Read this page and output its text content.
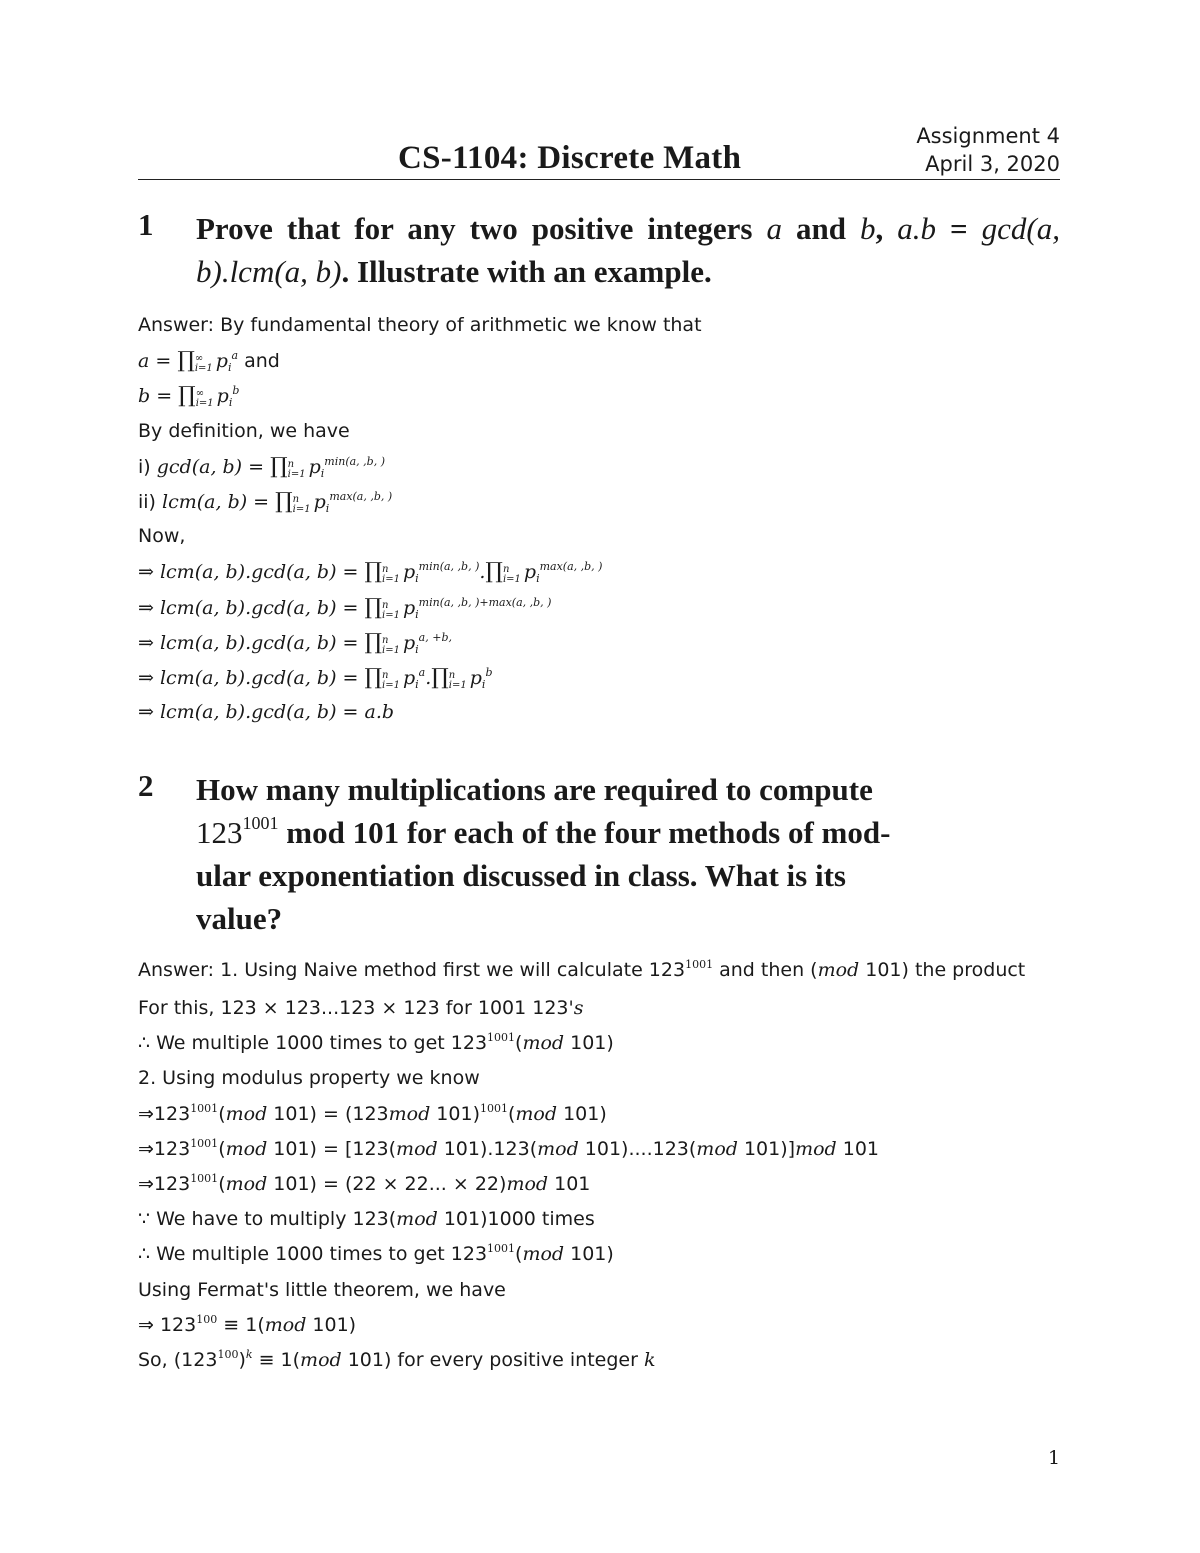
Assignment 4
April 3, 2020
CS-1104: Discrete Math
1 Prove that for any two positive integers a and b, a.b = gcd(a, b).lcm(a, b). Illustrate with an example.
Answer: By fundamental theory of arithmetic we know that
a = ∏ ∞
i=1 $p_i^a$ and
b = ∏ ∞
i=1 $p_i^b$
By definition, we have
i) gcd(a, b) = ∏ n
i=1 $p_i^{min(a, ,b, )}$
ii) lcm(a, b) = ∏ n
i=1 $p_i^{max(a, ,b, )}$
Now,
⇒ lcm(a, b).gcd(a, b) = ∏ n
i=1 $p_i^{min(a, ,b, )}.\prod$ n
i=1 $p_i^{max(a, ,b, )}$
⇒ lcm(a, b).gcd(a, b) = ∏ n
i=1 $p_i^{min(a, ,b, )+max(a, ,b, )}$
⇒ lcm(a, b).gcd(a, b) = ∏ n
i=1 $p_i^{a, +b,}$
⇒ lcm(a, b).gcd(a, b) = ∏ n
i=1 $p_i^a.\prod$ n
i=1 $p_i^b$
⇒ lcm(a, b).gcd(a, b) = a.b
2 How many multiplications are required to compute
$123^{1001}$ mod 101 for each of the four methods of mod-
ular exponentiation discussed in class. What is its
value?
Answer: 1. Using Naive method first we will calculate $123^{1001}$ and then (mod 101) the product
For this, 123 × 123...123 × 123 for 1001 123's
∴ We multiple 1000 times to get $123^{1001}(mod$ 101)
2. Using modulus property we know
$\Rightarrow 123^{1001}(mod$ 101) = (123mod 101)$^{1001}$(mod 101)
$\Rightarrow 123^{1001}(mod$ 101) = [123(mod 101).123(mod 101)....123(mod 101)]mod 101
$\Rightarrow 123^{1001}(mod$ 101) = (22 × 22... × 22)mod 101
∵ We have to multiply 123(mod 101)1000 times
∴ We multiple 1000 times to get $123^{1001}(mod$ 101)
Using Fermat's little theorem, we have
⇒ $123^{100} \equiv 1(mod$ 101)
So, $(123^{100})^k \equiv 1(mod$ 101) for every positive integer k
1
